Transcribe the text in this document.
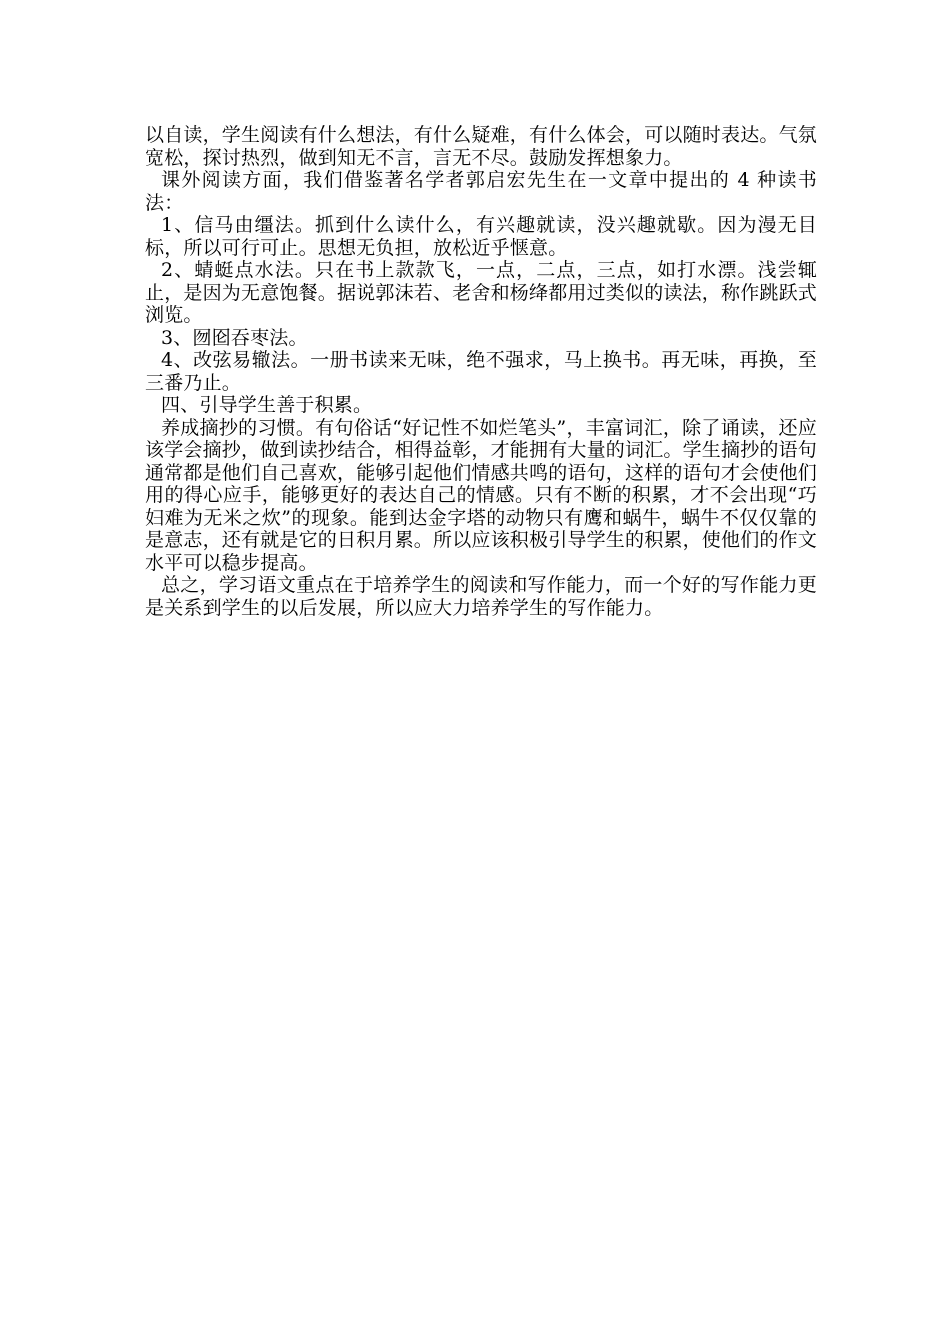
以自读，学生阅读有什么想法，有什么疑难，有什么体会，可以随时表达。气氛宽松，探讨热烈，做到知无不言，言无不尽。鼓励发挥想象力。

课外阅读方面，我们借鉴著名学者郭启宏先生在一文章中提出的 4 种读书法：

1、信马由缰法。抓到什么读什么，有兴趣就读，没兴趣就歇。因为漫无目标，所以可行可止。思想无负担，放松近乎惬意。

2、蜻蜓点水法。只在书上款款飞，一点，二点，三点，如打水漂。浅尝辄止，是因为无意饱餐。据说郭沫若、老舍和杨绛都用过类似的读法，称作跳跃式浏览。

3、囫囵吞枣法。

4、改弦易辙法。一册书读来无味，绝不强求，马上换书。再无味，再换，至三番乃止。

四、引导学生善于积累。

养成摘抄的习惯。有句俗话“好记性不如烂笔头”，丰富词汇，除了诵读，还应该学会摘抄，做到读抄结合，相得益彰，才能拥有大量的词汇。学生摘抄的语句通常都是他们自己喜欢，能够引起他们情感共鸣的语句，这样的语句才会使他们用的得心应手，能够更好的表达自己的情感。只有不断的积累，才不会出现“巧妇难为无米之炊”的现象。能到达金字塔的动物只有鹰和蜗牛，蜗牛不仅仅靠的是意志，还有就是它的日积月累。所以应该积极引导学生的积累，使他们的作文水平可以稳步提高。

总之，学习语文重点在于培养学生的阅读和写作能力，而一个好的写作能力更是关系到学生的以后发展，所以应大力培养学生的写作能力。
